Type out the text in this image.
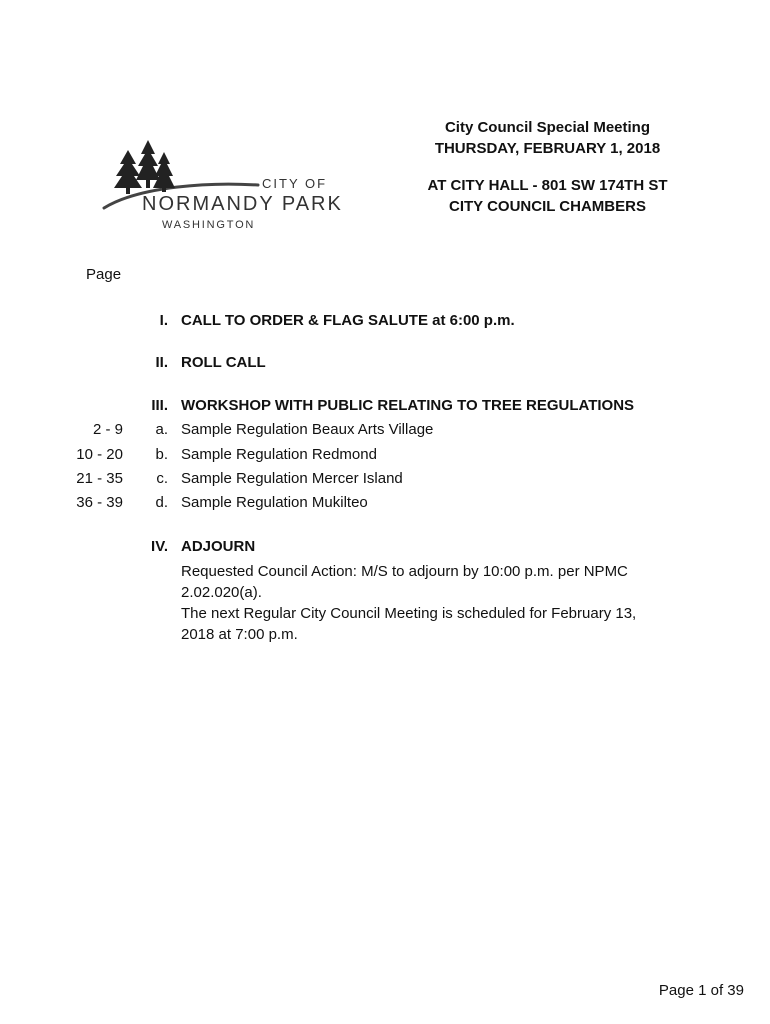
CITY OF
NORMANDY PARK
WASHINGTON
City Council Special Meeting
THURSDAY, FEBRUARY 1, 2018
AT CITY HALL - 801 SW 174TH ST
CITY COUNCIL CHAMBERS
Page
I. CALL TO ORDER & FLAG SALUTE at 6:00 p.m.
II. ROLL CALL
III. WORKSHOP WITH PUBLIC RELATING TO TREE REGULATIONS
2 - 9	a. Sample Regulation Beaux Arts Village
10 - 20	b. Sample Regulation Redmond
21 - 35	c. Sample Regulation Mercer Island
36 - 39	d. Sample Regulation Mukilteo
IV. ADJOURN
Requested Council Action: M/S to adjourn by 10:00 p.m. per NPMC 2.02.020(a).
The next Regular City Council Meeting is scheduled for February 13, 2018 at 7:00 p.m.
Page 1 of 39
